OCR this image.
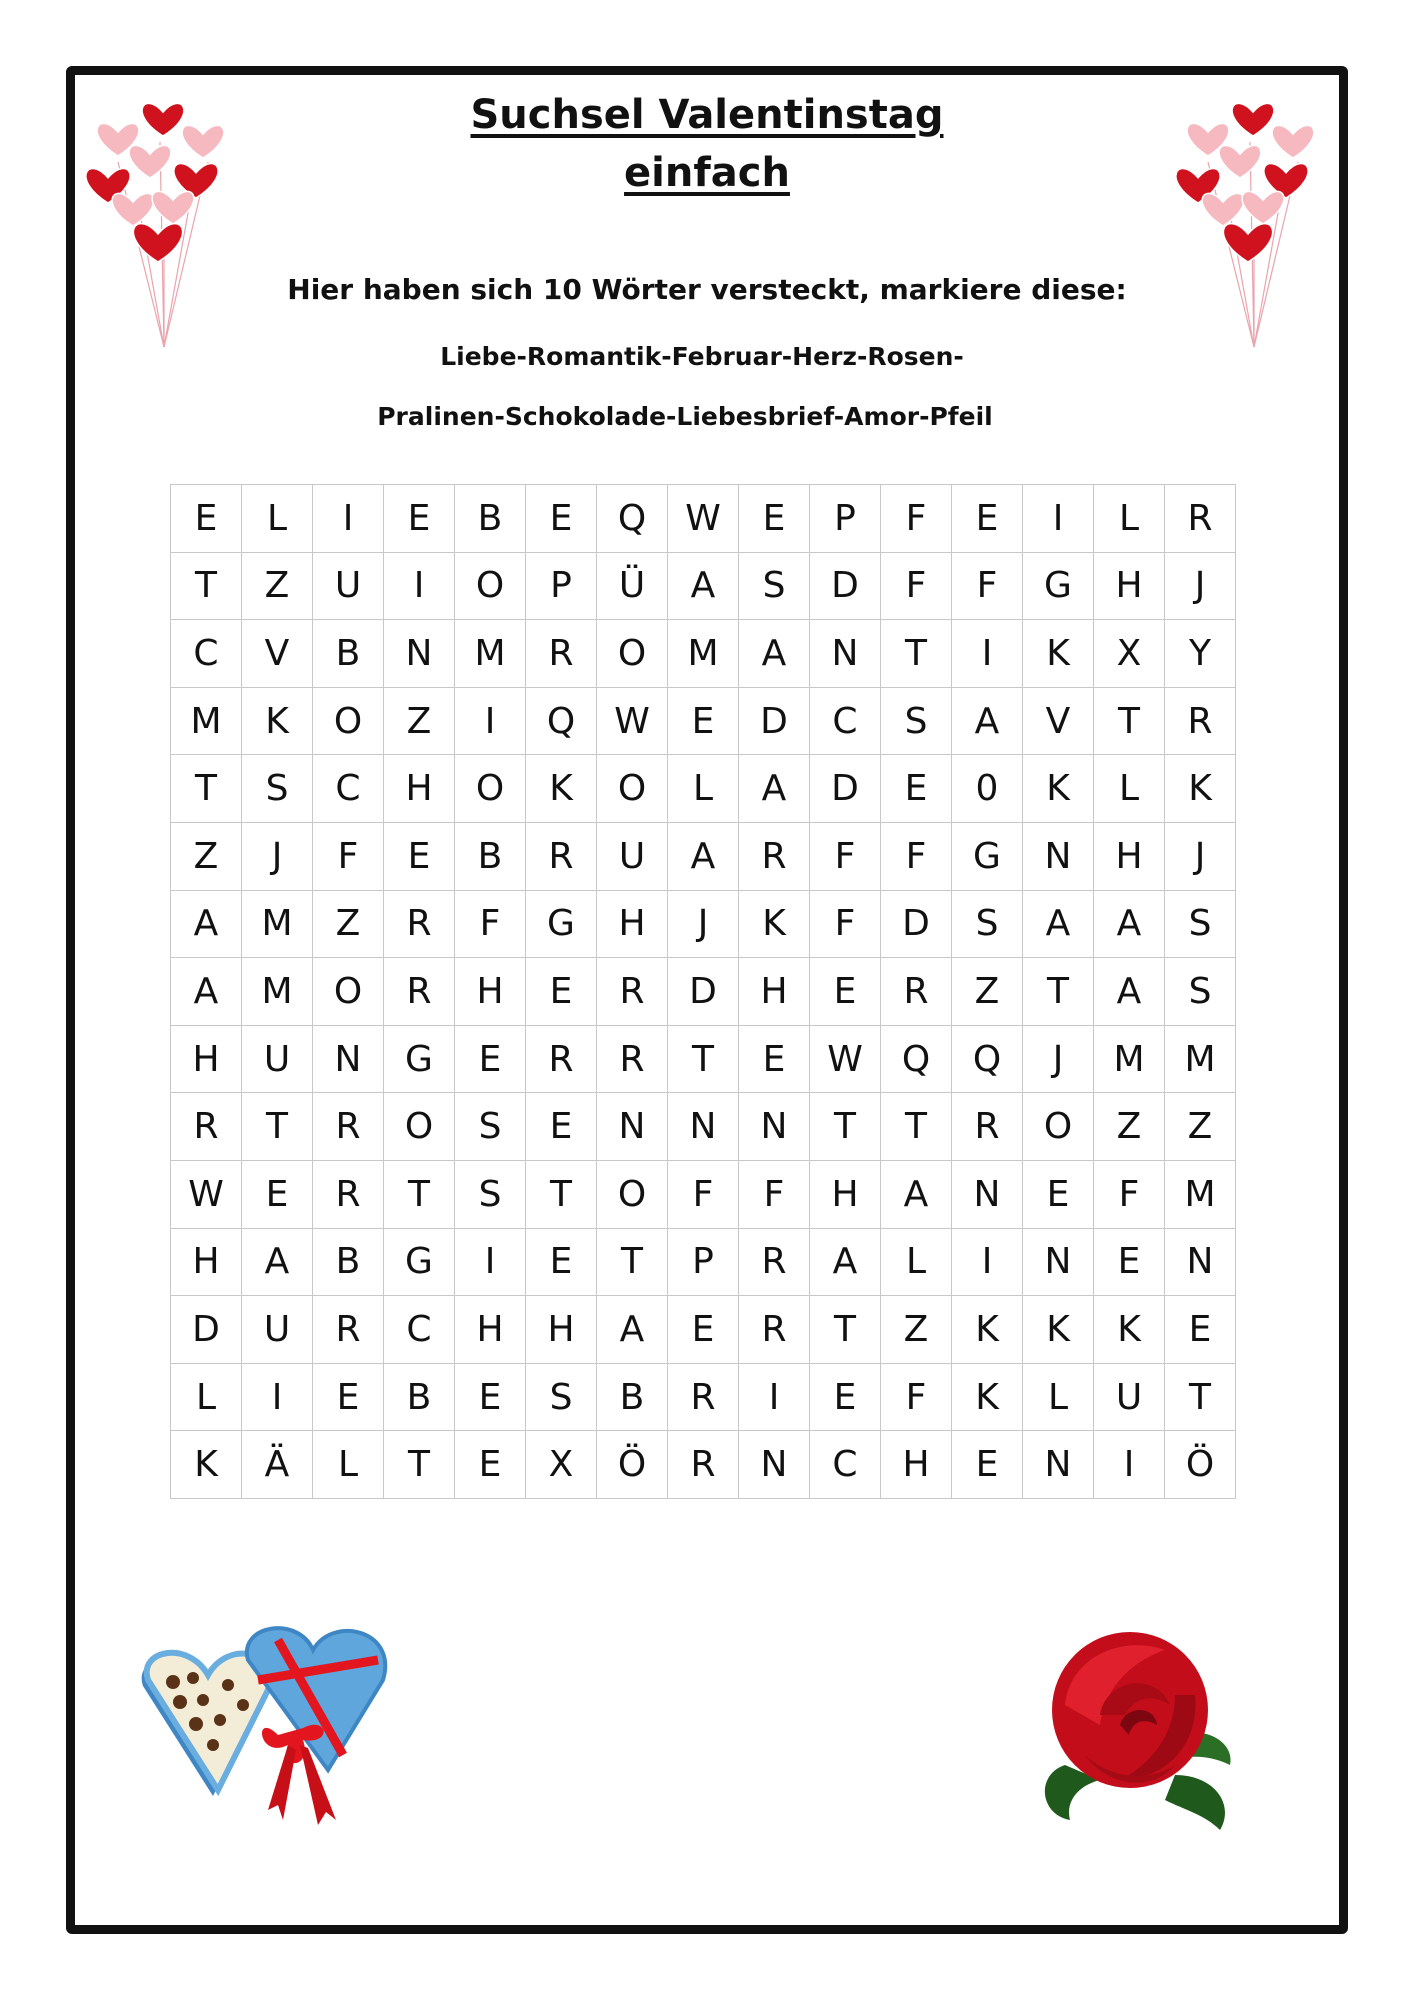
Suchsel Valentinstag
einfach

Hier haben sich 10 Wörter versteckt, markiere diese:

Liebe-Romantik-Februar-Herz-Rosen-

Pralinen-Schokolade-Liebesbrief-Amor-Pfeil

E	L	I	E	B	E	Q	W	E	P	F	E	I	L	R
T	Z	U	I	O	P	Ü	A	S	D	F	F	G	H	J
C	V	B	N	M	R	O	M	A	N	T	I	K	X	Y
M	K	O	Z	I	Q	W	E	D	C	S	A	V	T	R
T	S	C	H	O	K	O	L	A	D	E	0	K	L	K
Z	J	F	E	B	R	U	A	R	F	F	G	N	H	J
A	M	Z	R	F	G	H	J	K	F	D	S	A	A	S
A	M	O	R	H	E	R	D	H	E	R	Z	T	A	S
H	U	N	G	E	R	R	T	E	W	Q	Q	J	M	M
R	T	R	O	S	E	N	N	N	T	T	R	O	Z	Z
W	E	R	T	S	T	O	F	F	H	A	N	E	F	M
H	A	B	G	I	E	T	P	R	A	L	I	N	E	N
D	U	R	C	H	H	A	E	R	T	Z	K	K	K	E
L	I	E	B	E	S	B	R	I	E	F	K	L	U	T
K	Ä	L	T	E	X	Ö	R	N	C	H	E	N	I	Ö
